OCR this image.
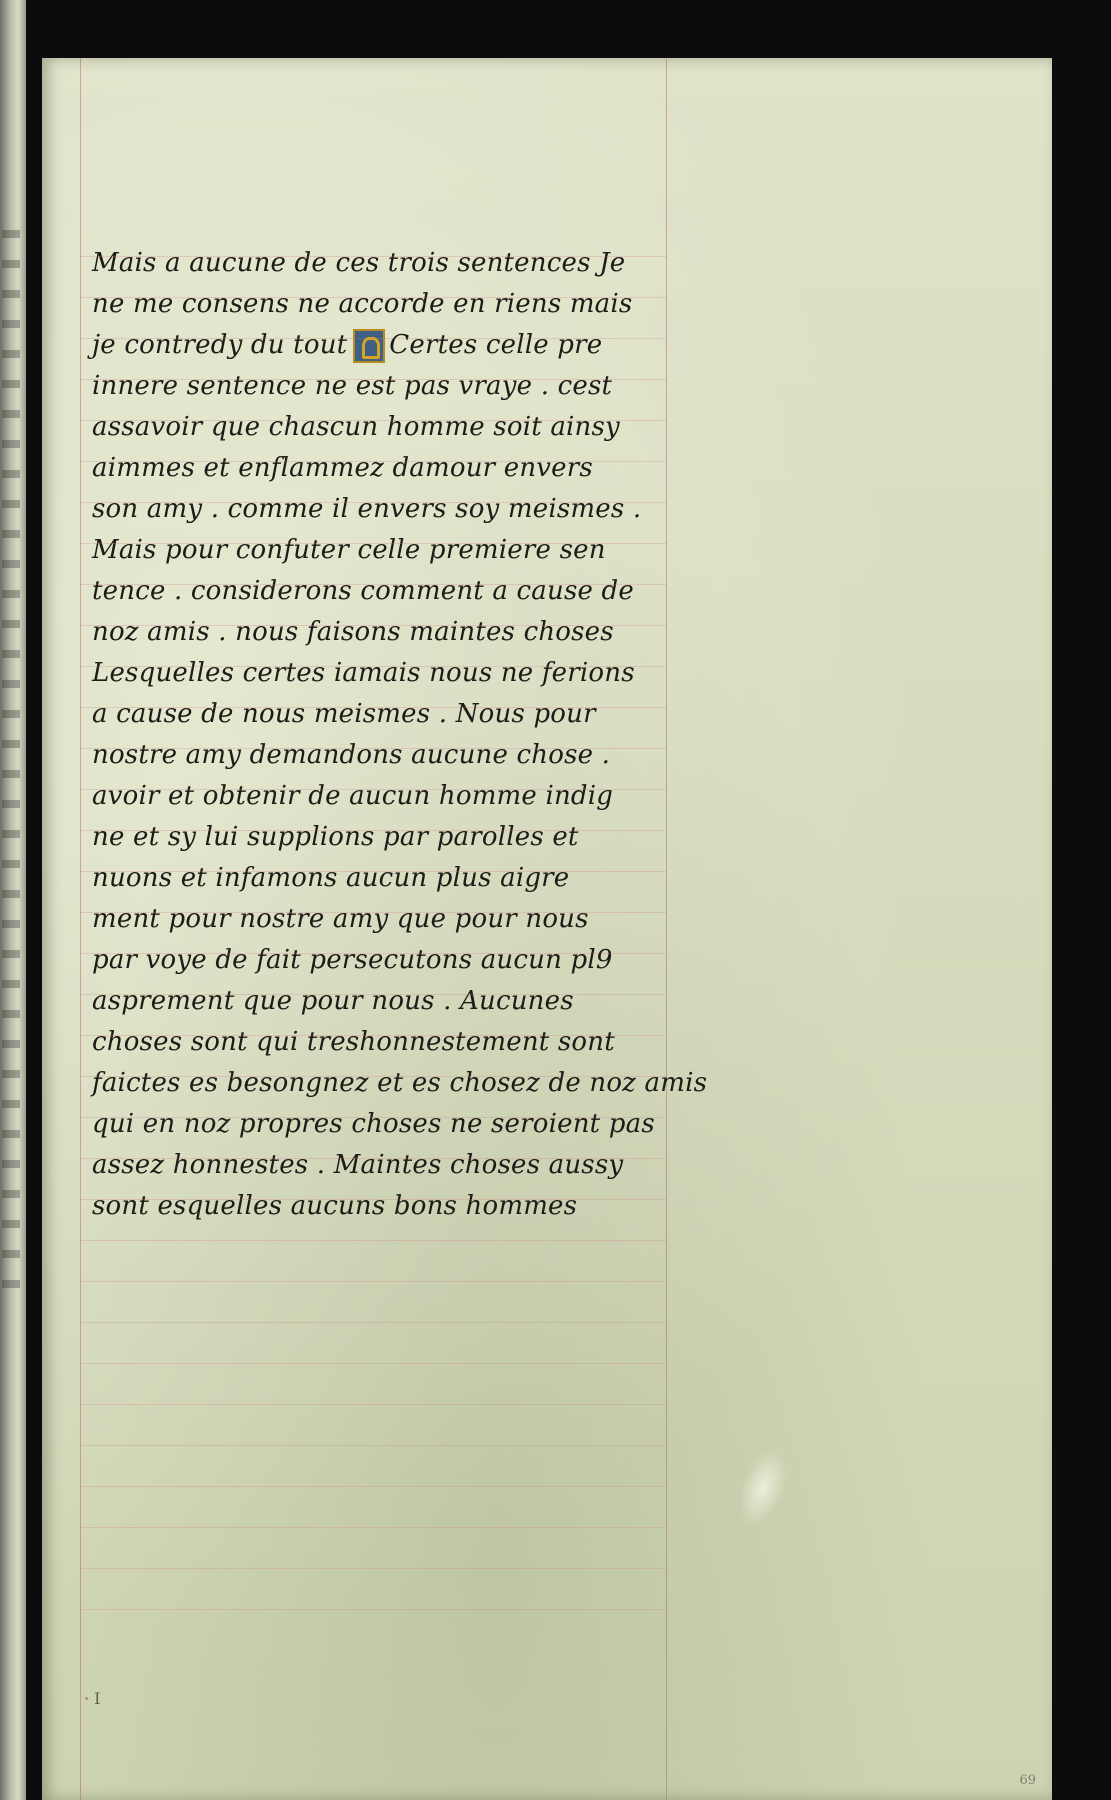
Mais a aucune de ces trois sentences Je
ne me consens ne accorde en riens mais
je contredy du tout Certes celle pre
innere sentence ne est pas vraye . cest
assavoir que chascun homme soit ainsy
aimmes et enflammez damour envers
son amy . comme il envers soy meismes .
Mais pour confuter celle premiere sen
tence . considerons comment a cause de
noz amis . nous faisons maintes choses
Lesquelles certes iamais nous ne ferions
a cause de nous meismes . Nous pour
nostre amy demandons aucune chose .
avoir et obtenir de aucun homme indig
ne et sy lui supplions par parolles et
nuons et infamons aucun plus aigre
ment pour nostre amy que pour nous
par voye de fait persecutons aucun pl9
asprement que pour nous . Aucunes
choses sont qui treshonnestement sont
faictes es besongnez et es chosez de noz amis
qui en noz propres choses ne seroient pas
assez honnestes . Maintes choses aussy
sont esquelles aucuns bons hommes
· I
69
